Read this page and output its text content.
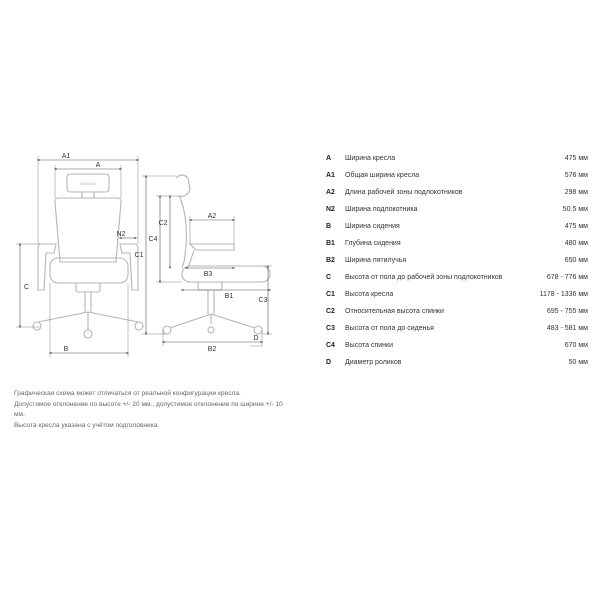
SAMURAI
A1
A
N2
C
B
C1
C2
C4
A2
B3
B1
C3
B2
D
A	Ширина кресла	475 мм
A1	Общая ширина кресла	576 мм
A2	Длина рабочей зоны подлокотников	298 мм
N2	Ширина подлокотника	50.5 мм
B	Ширина сидения	475 мм
B1	Глубина сидения	480 мм
B2	Ширина пятилучья	650 мм
C	Высота от пола до рабочей зоны подлокотников	678 - 776 мм
C1	Высота кресла	1178 - 1336 мм
C2	Относительная высота спинки	695 - 755 мм
C3	Высота от пола до сиденья	483 - 581 мм
C4	Высота спинки	670 мм
D	Диаметр роликов	50 мм

Графическая схема может отличаться от реальной конфигурации кресла.

Допустимое отклонение по высоте +/- 20 мм., допустимое отклонение по ширине +/- 10 мм.

Высота кресла указана с учётом подголовника.
